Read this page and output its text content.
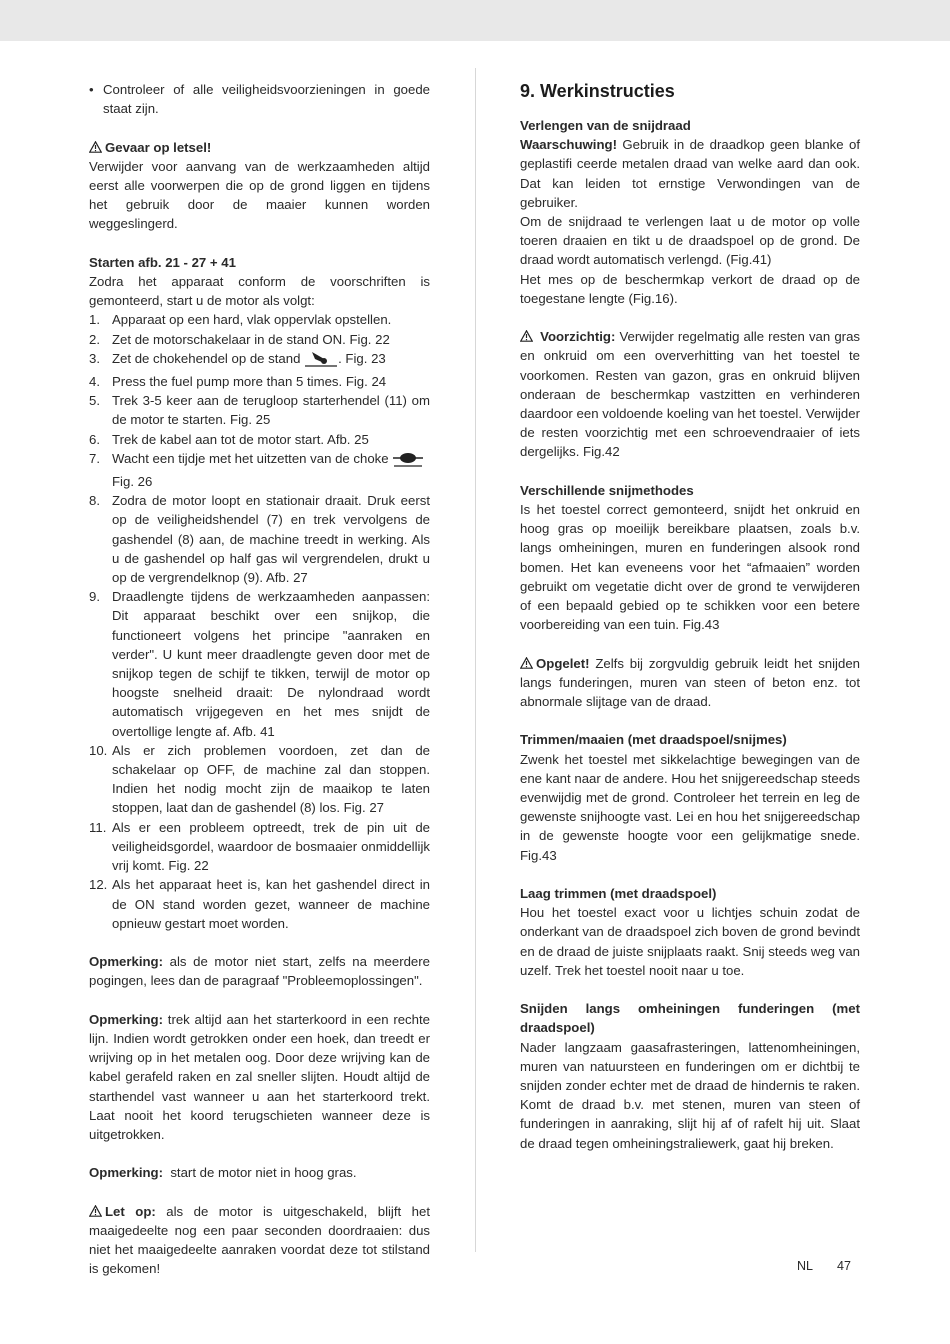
• Controleer of alle veiligheidsvoorzieningen in goede staat zijn.

Gevaar op letsel!

Verwijder voor aanvang van de werkzaamheden altijd eerst alle voorwerpen die op de grond liggen en tijdens het gebruik door de maaier kunnen worden weggeslingerd.

Starten afb. 21 - 27 + 41

Zodra het apparaat conform de voorschriften is gemonteerd, start u de motor als volgt:

1. Apparaat op een hard, vlak oppervlak opstellen.
2. Zet de motorschakelaar in de stand ON. Fig. 22
3. Zet de chokehendel op de stand	. Fig. 23
4. Press the fuel pump more than 5 times. Fig. 24
5. Trek 3-5 keer aan de terugloop starterhendel (11) om de motor te starten. Fig. 25
6. Trek de kabel aan tot de motor start. Afb. 25
7. Wacht een tijdje met het uitzetten van de choke
Fig. 26
8. Zodra de motor loopt en stationair draait. Druk eerst op de veiligheidshendel (7) en trek vervolgens de gashendel (8) aan, de machine treedt in werking. Als u de gashendel op half gas wil vergrendelen, drukt u op de vergrendelknop (9). Afb. 27
9. Draadlengte tijdens de werkzaamheden aanpassen: Dit apparaat beschikt over een snijkop, die functioneert volgens het principe "aanraken en verder". U kunt meer draadlengte geven door met de snijkop tegen de schijf te tikken, terwijl de motor op hoogste snelheid draait: De nylondraad wordt automatisch vrijgegeven en het mes snijdt de overtollige lengte af. Afb. 41
10. Als er zich problemen voordoen, zet dan de schakelaar op OFF, de machine zal dan stoppen. Indien het nodig mocht zijn de maaikop te laten stoppen, laat dan de gashendel (8) los. Fig. 27
11. Als er een probleem optreedt, trek de pin uit de veiligheidsgordel, waardoor de bosmaaier onmiddellijk vrij komt. Fig. 22
12. Als het apparaat heet is, kan het gashendel direct in de ON stand worden gezet, wanneer de machine opnieuw gestart moet worden.

Opmerking: als de motor niet start, zelfs na meerdere pogingen, lees dan de paragraaf "Probleemoplossingen".

Opmerking: trek altijd aan het starterkoord in een rechte lijn. Indien wordt getrokken onder een hoek, dan treedt er wrijving op in het metalen oog. Door deze wrijving kan de kabel gerafeld raken en zal sneller slijten. Houdt altijd de starthendel vast wanneer u aan het starterkoord trekt. Laat nooit het koord terugschieten wanneer deze is uitgetrokken.

Opmerking:  start de motor niet in hoog gras.

Let op: als de motor is uitgeschakeld, blijft het maaigedeelte nog een paar seconden doordraaien: dus niet het maaigedeelte aanraken voordat deze tot stilstand is gekomen!

9. Werkinstructies

Verlengen van de snijdraad

Waarschuwing! Gebruik in de draadkop geen blanke of geplastifi ceerde metalen draad van welke aard dan ook. Dat kan leiden tot ernstige Verwondingen van de gebruiker.

Om de snijdraad te verlengen laat u de motor op volle toeren draaien en tikt u de draadspoel op de grond. De draad wordt automatisch verlengd. (Fig.41)

Het mes op de beschermkap verkort de draad op de toegestane lengte (Fig.16).

Voorzichtig: Verwijder regelmatig alle resten van gras en onkruid om een oververhitting van het toestel te voorkomen. Resten van gazon, gras en onkruid blijven onderaan de beschermkap vastzitten en verhinderen daardoor een voldoende koeling van het toestel. Verwijder de resten voorzichtig met een schroevendraaier of iets dergelijks. Fig.42

Verschillende snijmethodes

Is het toestel correct gemonteerd, snijdt het onkruid en hoog gras op moeilijk bereikbare plaatsen, zoals b.v. langs omheiningen, muren en funderingen alsook rond bomen. Het kan eveneens voor het “afmaaien” worden gebruikt om vegetatie dicht over de grond te verwijderen of een bepaald gebied op te schikken voor een betere voorbereiding van een tuin. Fig.43

Opgelet! Zelfs bij zorgvuldig gebruik leidt het snijden langs funderingen, muren van steen of beton enz. tot abnormale slijtage van de draad.

Trimmen/maaien (met draadspoel/snijmes)

Zwenk het toestel met sikkelachtige bewegingen van de ene kant naar de andere. Hou het snijgereedschap steeds evenwijdig met de grond. Controleer het terrein en leg de gewenste snijhoogte vast. Lei en hou het snijgereedschap in de gewenste hoogte voor een gelijkmatige snede. Fig.43

Laag trimmen (met draadspoel)

Hou het toestel exact voor u lichtjes schuin zodat de onderkant van de draadspoel zich boven de grond bevindt en de draad de juiste snijplaats raakt. Snij steeds weg van uzelf. Trek het toestel nooit naar u toe.

Snijden langs omheiningen funderingen (met draadspoel)

Nader langzaam gaasafrasteringen, lattenomheiningen, muren van natuursteen en funderingen om er dichtbij te snijden zonder echter met de draad de hindernis te raken. Komt de draad b.v. met stenen, muren van steen of funderingen in aanraking, slijt hij af of rafelt hij uit. Slaat de draad tegen omheiningstraliewerk, gaat hij breken.

NL 47
